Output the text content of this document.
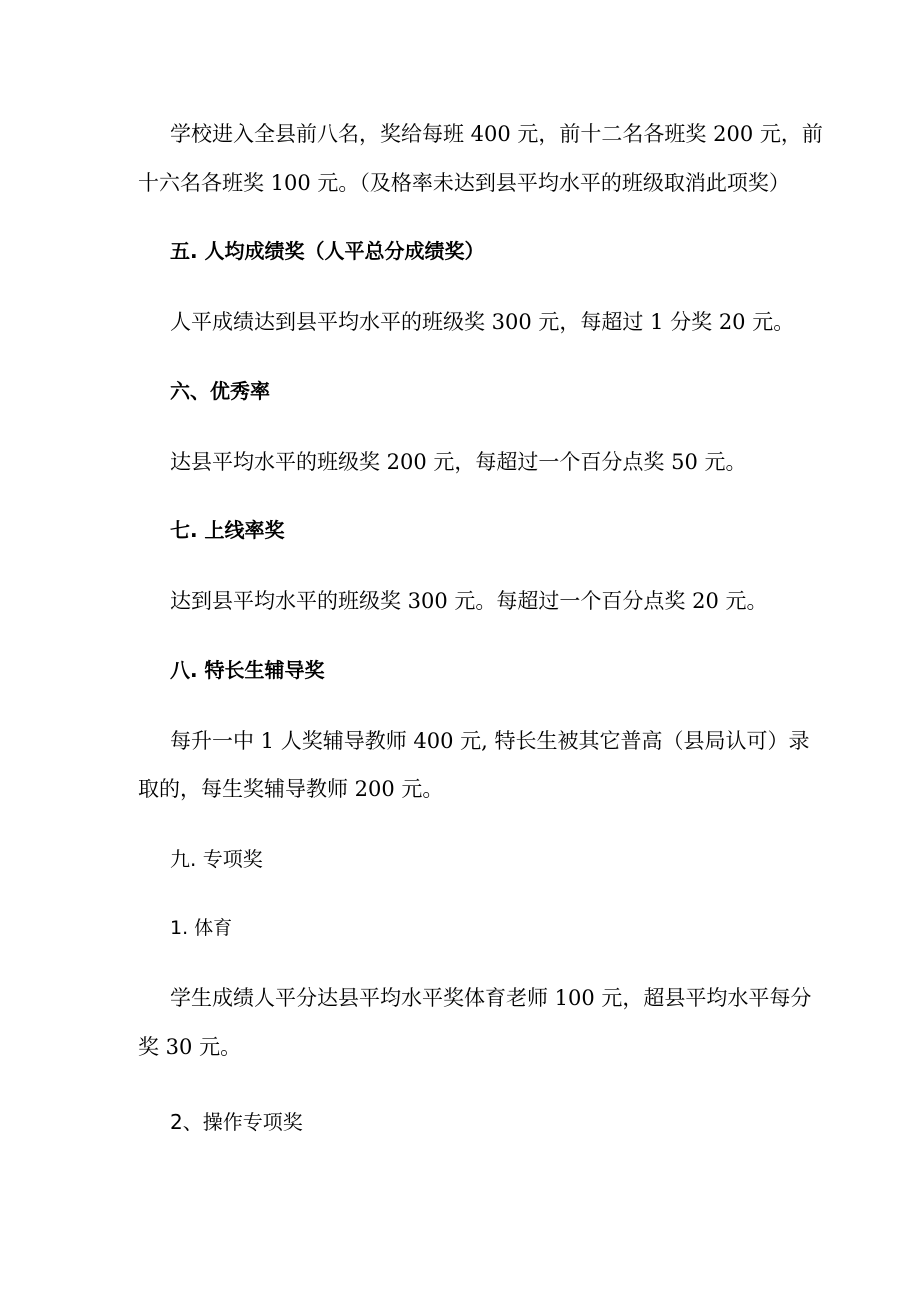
学校进入全县前八名，奖给每班 400 元，前十二名各班奖 200 元，前
十六名各班奖 100 元。（及格率未达到县平均水平的班级取消此项奖）
五. 人均成绩奖（人平总分成绩奖）
人平成绩达到县平均水平的班级奖 300 元，每超过 1 分奖 20 元。
六、优秀率
达县平均水平的班级奖 200 元，每超过一个百分点奖 50 元。
七. 上线率奖
达到县平均水平的班级奖 300 元。每超过一个百分点奖 20 元。
八. 特长生辅导奖
每升一中 1 人奖辅导教师 400 元, 特长生被其它普高（县局认可）录
取的，每生奖辅导教师 200 元。
九. 专项奖
1. 体育
学生成绩人平分达县平均水平奖体育老师 100 元，超县平均水平每分
奖 30 元。
2、操作专项奖
